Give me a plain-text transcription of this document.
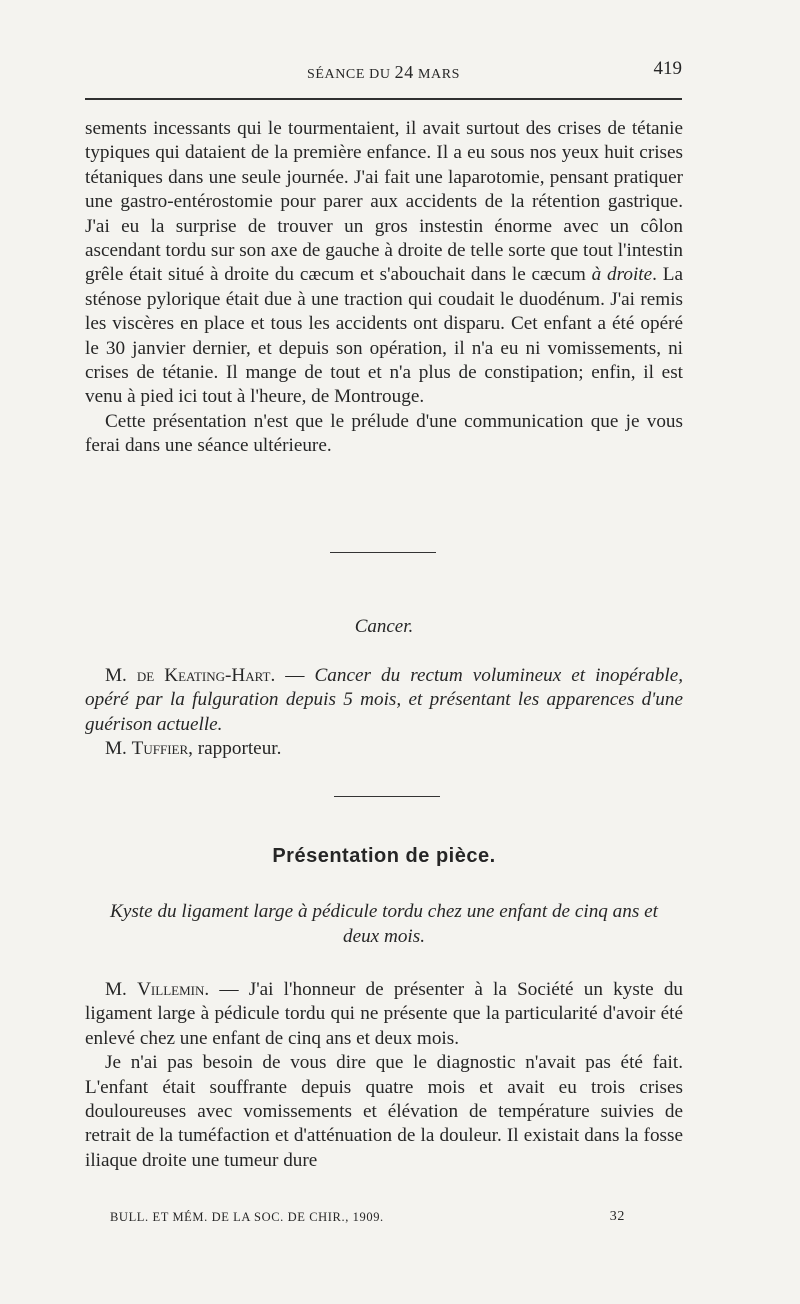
SÉANCE DU 24 MARS	419

sements incessants qui le tourmentaient, il avait surtout des crises de tétanie typiques qui dataient de la première enfance. Il a eu sous nos yeux huit crises tétaniques dans une seule journée. J'ai fait une laparotomie, pensant pratiquer une gastro-entérostomie pour parer aux accidents de la rétention gastrique. J'ai eu la surprise de trouver un gros instestin énorme avec un côlon ascendant tordu sur son axe de gauche à droite de telle sorte que tout l'intestin grêle était situé à droite du cæcum et s'abouchait dans le cæcum à droite. La sténose pylorique était due à une traction qui coudait le duodénum. J'ai remis les viscères en place et tous les accidents ont disparu. Cet enfant a été opéré le 30 janvier dernier, et depuis son opération, il n'a eu ni vomissements, ni crises de tétanie. Il mange de tout et n'a plus de constipation; enfin, il est venu à pied ici tout à l'heure, de Montrouge.

Cette présentation n'est que le prélude d'une communication que je vous ferai dans une séance ultérieure.

Cancer.

M. de Keating-Hart. — Cancer du rectum volumineux et inopérable, opéré par la fulguration depuis 5 mois, et présentant les apparences d'une guérison actuelle.

M. Tuffier, rapporteur.

Présentation de pièce.
Kyste du ligament large à pédicule tordu chez une enfant de cinq ans et deux mois.

M. Villemin. — J'ai l'honneur de présenter à la Société un kyste du ligament large à pédicule tordu qui ne présente que la particularité d'avoir été enlevé chez une enfant de cinq ans et deux mois.

Je n'ai pas besoin de vous dire que le diagnostic n'avait pas été fait. L'enfant était souffrante depuis quatre mois et avait eu trois crises douloureuses avec vomissements et élévation de température suivies de retrait de la tuméfaction et d'atténuation de la douleur. Il existait dans la fosse iliaque droite une tumeur dure

BULL. ET MÉM. DE LA SOC. DE CHIR., 1909.	32
